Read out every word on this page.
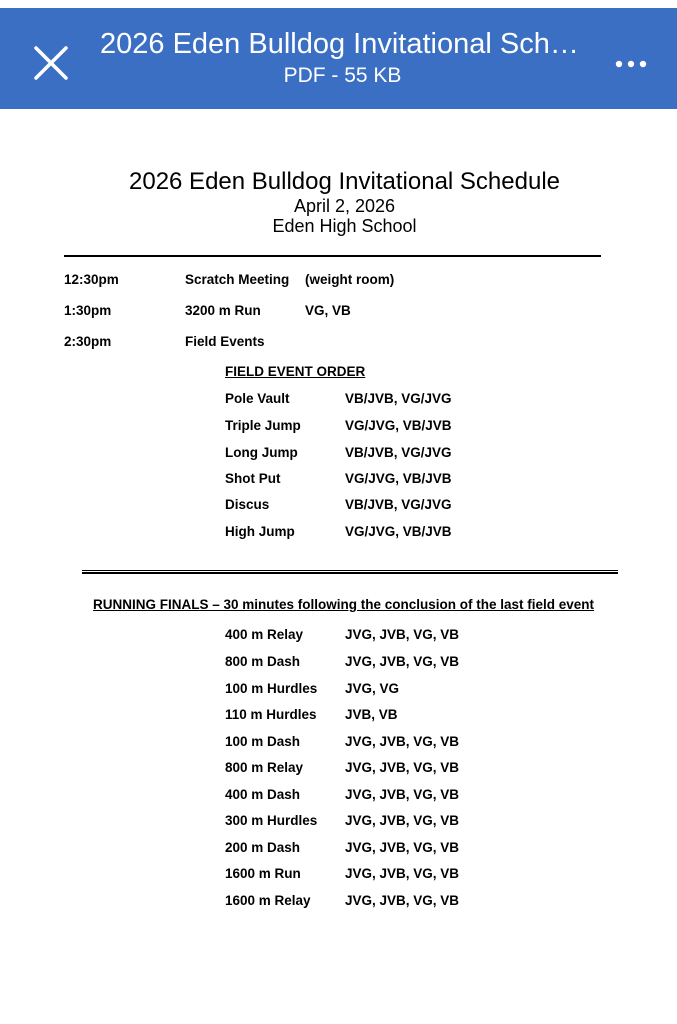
2026 Eden Bulldog Invitational Sch…
PDF - 55 KB
2026 Eden Bulldog Invitational Schedule
April 2, 2026
Eden High School
12:30pm	Scratch Meeting (weight room)
1:30pm	3200 m Run	VG, VB
2:30pm	Field Events
FIELD EVENT ORDER
Pole Vault	VB/JVB, VG/JVG
Triple Jump	VG/JVG, VB/JVB
Long Jump	VB/JVB, VG/JVG
Shot Put	VG/JVG, VB/JVB
Discus	VB/JVB, VG/JVG
High Jump	VG/JVG, VB/JVB
RUNNING FINALS – 30 minutes following the conclusion of the last field event
400 m Relay	JVG, JVB, VG, VB
800 m Dash	JVG, JVB, VG, VB
100 m Hurdles JVG, VG
110 m Hurdles JVB, VB
100 m Dash	JVG, JVB, VG, VB
800 m Relay	JVG, JVB, VG, VB
400 m Dash	JVG, JVB, VG, VB
300 m Hurdles JVG, JVB, VG, VB
200 m Dash	JVG, JVB, VG, VB
1600 m Run	JVG, JVB, VG, VB
1600 m Relay	JVG, JVB, VG, VB
